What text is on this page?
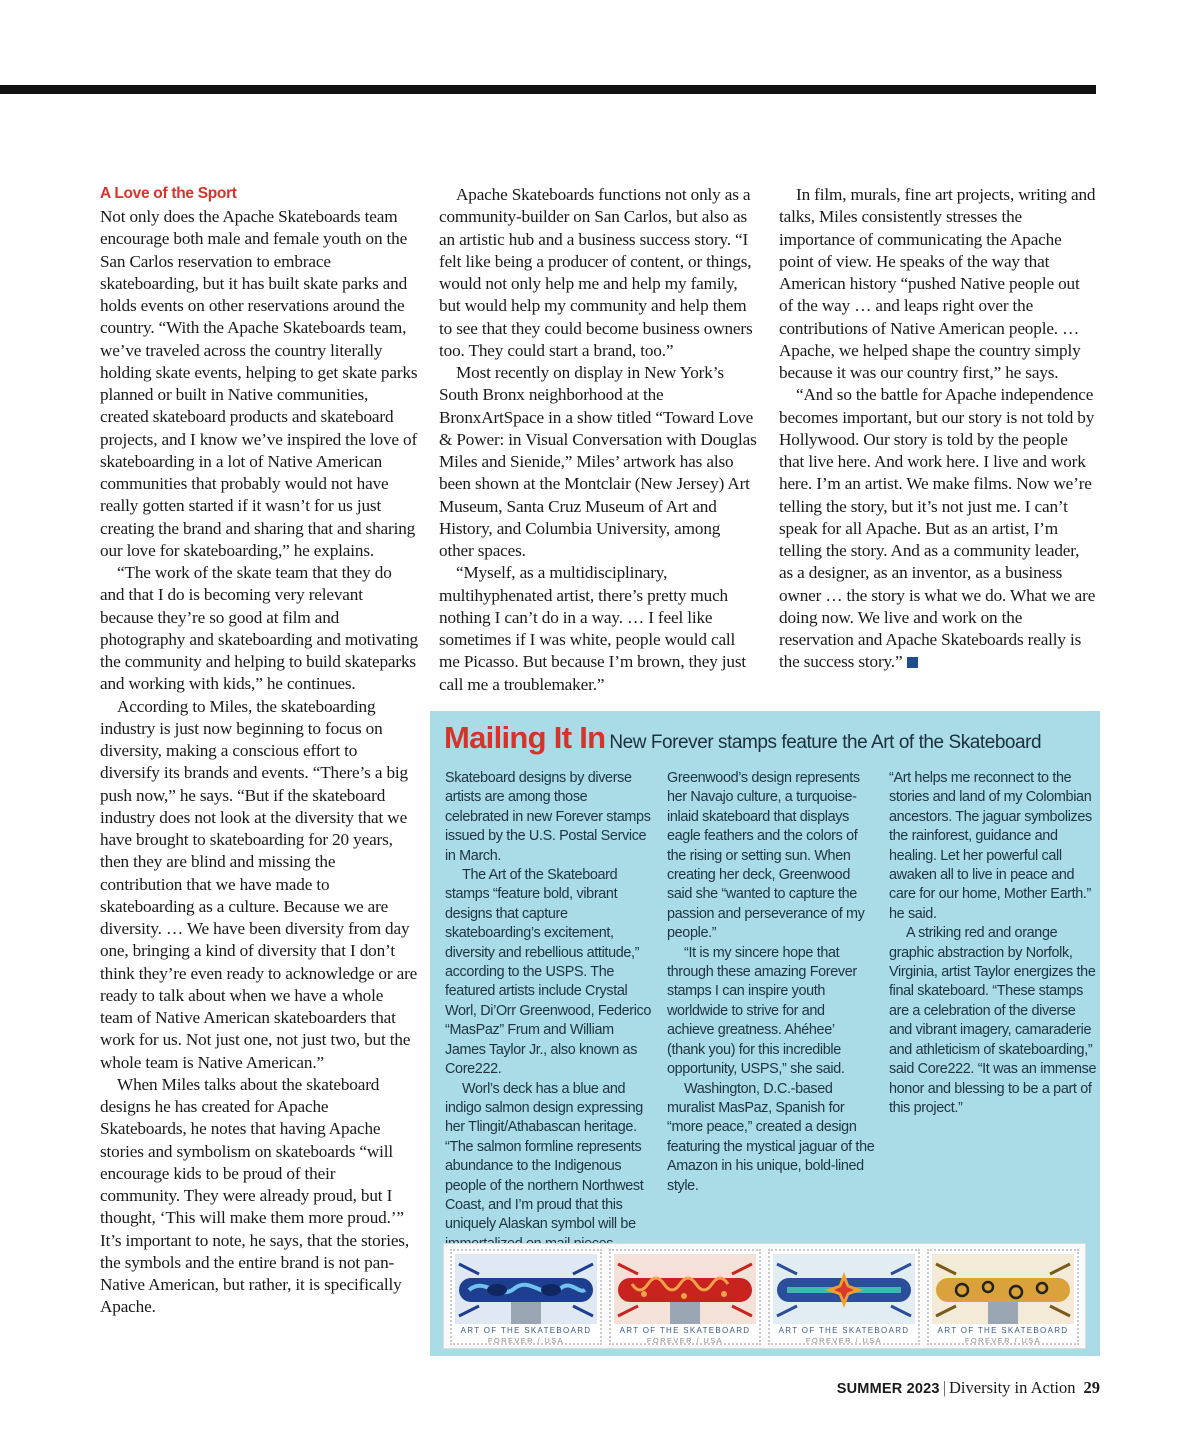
A Love of the Sport

Not only does the Apache Skateboards team encourage both male and female youth on the San Carlos reservation to embrace skateboarding, but it has built skate parks and holds events on other reservations around the country. “With the Apache Skateboards team, we’ve traveled across the country literally holding skate events, helping to get skate parks planned or built in Native communities, created skateboard products and skateboard projects, and I know we’ve inspired the love of skateboarding in a lot of Native American communities that probably would not have really gotten started if it wasn’t for us just creating the brand and sharing that and sharing our love for skateboarding,” he explains.

“The work of the skate team that they do and that I do is becoming very relevant because they’re so good at film and photography and skateboarding and motivating the community and helping to build skateparks and working with kids,” he continues.

According to Miles, the skateboarding industry is just now beginning to focus on diversity, making a conscious effort to diversify its brands and events. “There’s a big push now,” he says. “But if the skateboard industry does not look at the diversity that we have brought to skateboarding for 20 years, then they are blind and missing the contribution that we have made to skateboarding as a culture. Because we are diversity. … We have been diversity from day one, bringing a kind of diversity that I don’t think they’re even ready to acknowledge or are ready to talk about when we have a whole team of Native American skateboarders that work for us. Not just one, not just two, but the whole team is Native American.”

When Miles talks about the skateboard designs he has created for Apache Skateboards, he notes that having Apache stories and symbolism on skateboards “will encourage kids to be proud of their community. They were already proud, but I thought, ‘This will make them more proud.’” It’s important to note, he says, that the stories, the symbols and the entire brand is not pan-Native American, but rather, it is specifically Apache.

Apache Skateboards functions not only as a community-builder on San Carlos, but also as an artistic hub and a business success story. “I felt like being a producer of content, or things, would not only help me and help my family, but would help my community and help them to see that they could become business owners too. They could start a brand, too.”

Most recently on display in New York’s South Bronx neighborhood at the BronxArtSpace in a show titled “Toward Love & Power: in Visual Conversation with Douglas Miles and Sienide,” Miles’ artwork has also been shown at the Montclair (New Jersey) Art Museum, Santa Cruz Museum of Art and History, and Columbia University, among other spaces.

“Myself, as a multidisciplinary, multihyphenated artist, there’s pretty much nothing I can’t do in a way. … I feel like sometimes if I was white, people would call me Picasso. But because I’m brown, they just call me a troublemaker.”

In film, murals, fine art projects, writing and talks, Miles consistently stresses the importance of communicating the Apache point of view. He speaks of the way that American history “pushed Native people out of the way … and leaps right over the contributions of Native American people. … Apache, we helped shape the country simply because it was our country first,” he says.

“And so the battle for Apache independence becomes important, but our story is not told by Hollywood. Our story is told by the people that live here. And work here. I live and work here. I’m an artist. We make films. Now we’re telling the story, but it’s not just me. I can’t speak for all Apache. But as an artist, I’m telling the story. And as a community leader, as a designer, as an inventor, as a business owner … the story is what we do. What we are doing now. We live and work on the reservation and Apache Skateboards really is the success story.”

Mailing It In New Forever stamps feature the Art of the Skateboard

Skateboard designs by diverse artists are among those celebrated in new Forever stamps issued by the U.S. Postal Service in March.

The Art of the Skateboard stamps “feature bold, vibrant designs that capture skateboarding’s excitement, diversity and rebellious attitude,” according to the USPS. The featured artists include Crystal Worl, Di’Orr Greenwood, Federico “MasPaz” Frum and William James Taylor Jr., also known as Core222.

Worl’s deck has a blue and indigo salmon design expressing her Tlingit/Athabascan heritage. “The salmon formline represents abundance to the Indigenous people of the northern Northwest Coast, and I’m proud that this uniquely Alaskan symbol will be

Greenwood’s design represents her Navajo culture, a turquoise-inlaid skateboard that displays eagle feathers and the colors of the rising or setting sun. When creating her deck, Greenwood said she “wanted to capture the passion and perseverance of my people.”

“It is my sincere hope that through these amazing Forever stamps I can inspire youth worldwide to strive for and achieve greatness. Ahéhee’ (thank you) for this incredible opportunity, USPS,” she said.

Washington, D.C.-based muralist MasPaz, Spanish for “more peace,” created a design featuring the mystical jaguar of the Amazon in his unique, bold-lined style.

“Art helps me reconnect to the stories and land of my Colombian ancestors. The jaguar symbolizes the rainforest, guidance and healing. Let her powerful call awaken all to live in peace and care for our home, Mother Earth.” he said.

A striking red and orange graphic abstraction by Norfolk, Virginia, artist Taylor energizes the final skateboard. “These stamps are a celebration of the diverse and vibrant imagery, camaraderie and athleticism of skateboarding,” said Core222. “It was an immense honor and blessing to be a part of this project.”

ART OF THE SKATEBOARD
FOREVER / USA
ART OF THE SKATEBOARD
FOREVER / USA
ART OF THE SKATEBOARD
FOREVER / USA
ART OF THE SKATEBOARD
FOREVER / USA
SUMMER 2023 | Diversity in Action 29
